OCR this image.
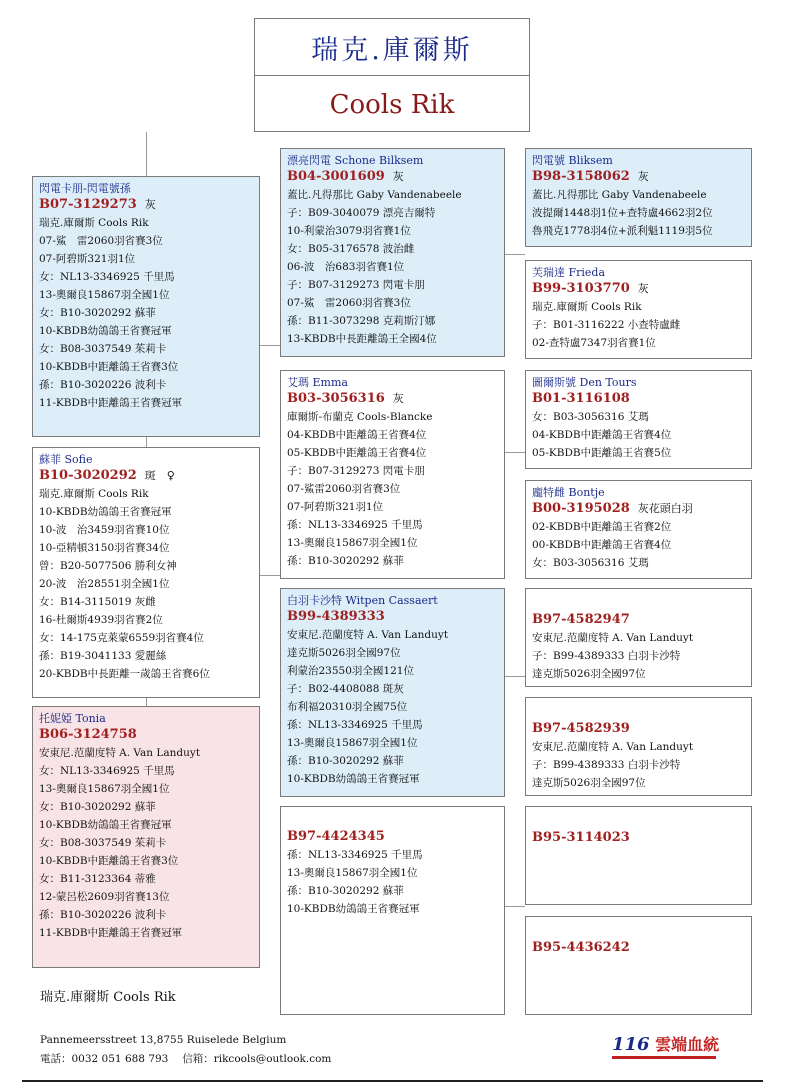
瑞克.庫爾斯
Cools Rik
閃電卡朋-閃電號孫
B07-3129273 灰
瑞克.庫爾斯 Cools Rik
07-鯊　雷2060羽省賽3位
07-阿碧斯321羽1位
女：NL13-3346925 千里馬
13-奧爾良15867羽全國1位
女：B10-3020292 蘇菲
10-KBDB幼鴿鴿王省賽冠軍
女：B08-3037549 茱莉卡
10-KBDB中距離鴿王省賽3位
孫：B10-3020226 波利卡
11-KBDB中距離鴿王省賽冠軍
蘇菲 Sofie
B10-3020292 斑　♀
瑞克.庫爾斯 Cools Rik
10-KBDB幼鴿鴿王省賽冠軍
10-波　治3459羽省賽10位
10-亞精頓3150羽省賽34位
曾：B20-5077506 勝利女神
20-波　治28551羽全國1位
女：B14-3115019 灰雌
16-杜爾斯4939羽省賽2位
女：14-175克萊蒙6559羽省賽4位
孫：B19-3041133 愛麗絲
20-KBDB中長距離一歲鴿王省賽6位
托妮婭 Tonia
B06-3124758
安東尼.范蘭度特 A. Van Landuyt
女：NL13-3346925 千里馬
13-奧爾良15867羽全國1位
女：B10-3020292 蘇菲
10-KBDB幼鴿鴿王省賽冠軍
女：B08-3037549 茱莉卡
10-KBDB中距離鴿王省賽3位
女：B11-3123364 蒂雅
12-蒙呂松2609羽省賽13位
孫：B10-3020226 波利卡
11-KBDB中距離鴿王省賽冠軍
漂亮閃電 Schone Bilksem
B04-3001609 灰
蓋比.凡得那比 Gaby Vandenabeele
子：B09-3040079 漂亮吉爾特
10-利蒙治3079羽省賽1位
女：B05-3176578 波治雌
06-波　治683羽省賽1位
子：B07-3129273 閃電卡朋
07-鯊　雷2060羽省賽3位
孫：B11-3073298 克莉斯汀娜
13-KBDB中長距離鴿王全國4位
艾瑪 Emma
B03-3056316 灰
庫爾斯-布蘭克 Cools-Blancke
04-KBDB中距離鴿王省賽4位
05-KBDB中距離鴿王省賽4位
子：B07-3129273 閃電卡朋
07-鯊雷2060羽省賽3位
07-阿碧斯321羽1位
孫：NL13-3346925 千里馬
13-奧爾良15867羽全國1位
孫：B10-3020292 蘇菲
白羽卡沙特 Witpen Cassaert
B99-4389333
安東尼.范蘭度特 A. Van Landuyt
達克斯5026羽全國97位
利蒙治23550羽全國121位
子：B02-4408088 斑灰
布利福20310羽全國75位
孫：NL13-3346925 千里馬
13-奧爾良15867羽全國1位
孫：B10-3020292 蘇菲
10-KBDB幼鴿鴿王省賽冠軍
B97-4424345
孫：NL13-3346925 千里馬
13-奧爾良15867羽全國1位
孫：B10-3020292 蘇菲
10-KBDB幼鴿鴿王省賽冠軍
閃電號 Bliksem
B98-3158062 灰
蓋比.凡得那比 Gaby Vandenabeele
波提爾1448羽1位+查特盧4662羽2位
魯飛克1778羽4位+派利魁1119羽5位
芙瑞達 Frieda
B99-3103770 灰
瑞克.庫爾斯 Cools Rik
子：B01-3116222 小查特盧雌
02-查特盧7347羽省賽1位
圖爾斯號 Den Tours
B01-3116108
女：B03-3056316 艾瑪
04-KBDB中距離鴿王省賽4位
05-KBDB中距離鴿王省賽5位
龐特雌 Bontje
B00-3195028 灰花頭白羽
02-KBDB中距離鴿王省賽2位
00-KBDB中距離鴿王省賽4位
女：B03-3056316 艾瑪
B97-4582947
安東尼.范蘭度特 A. Van Landuyt
子：B99-4389333 白羽卡沙特
達克斯5026羽全國97位
B97-4582939
安東尼.范蘭度特 A. Van Landuyt
子：B99-4389333 白羽卡沙特
達克斯5026羽全國97位
B95-3114023
B95-4436242
瑞克.庫爾斯 Cools Rik
Pannemeersstreet 13,8755 Ruiselede Belgium
電話：0032 051 688 793　 信箱：rikcools@outlook.com
116 雲端血統
